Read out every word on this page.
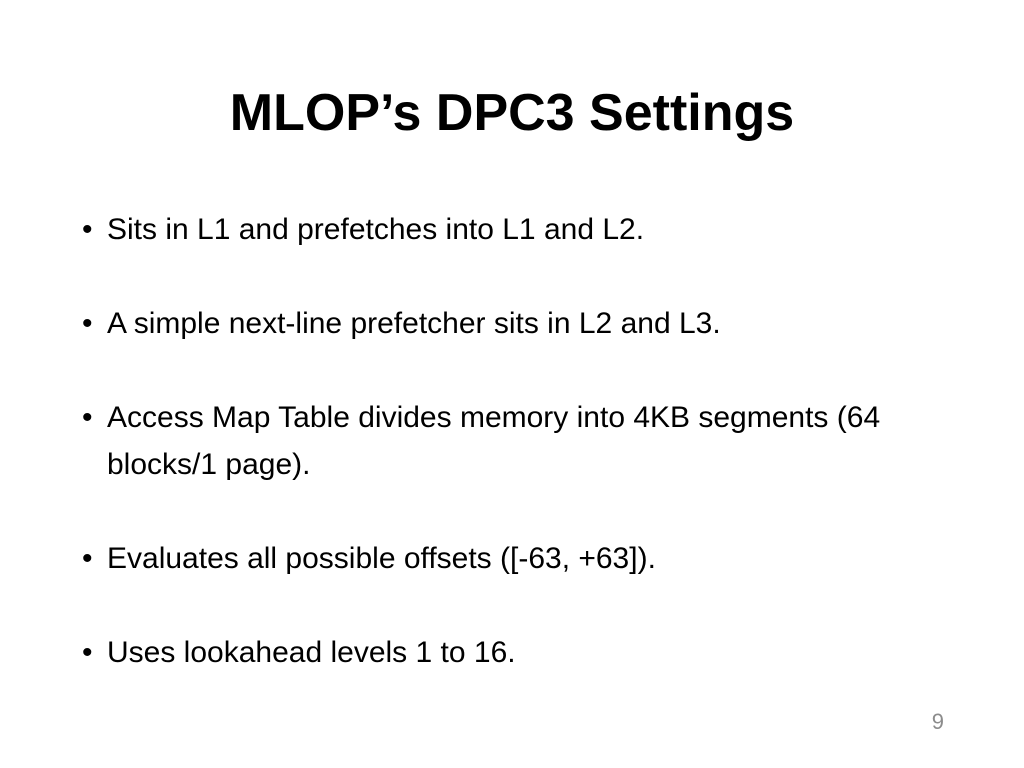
MLOP’s DPC3 Settings
• Sits in L1 and prefetches into L1 and L2.
• A simple next-line prefetcher sits in L2 and L3.
• Access Map Table divides memory into 4KB segments (64 blocks/1 page).
• Evaluates all possible offsets ([-63, +63]).
• Uses lookahead levels 1 to 16.
9
